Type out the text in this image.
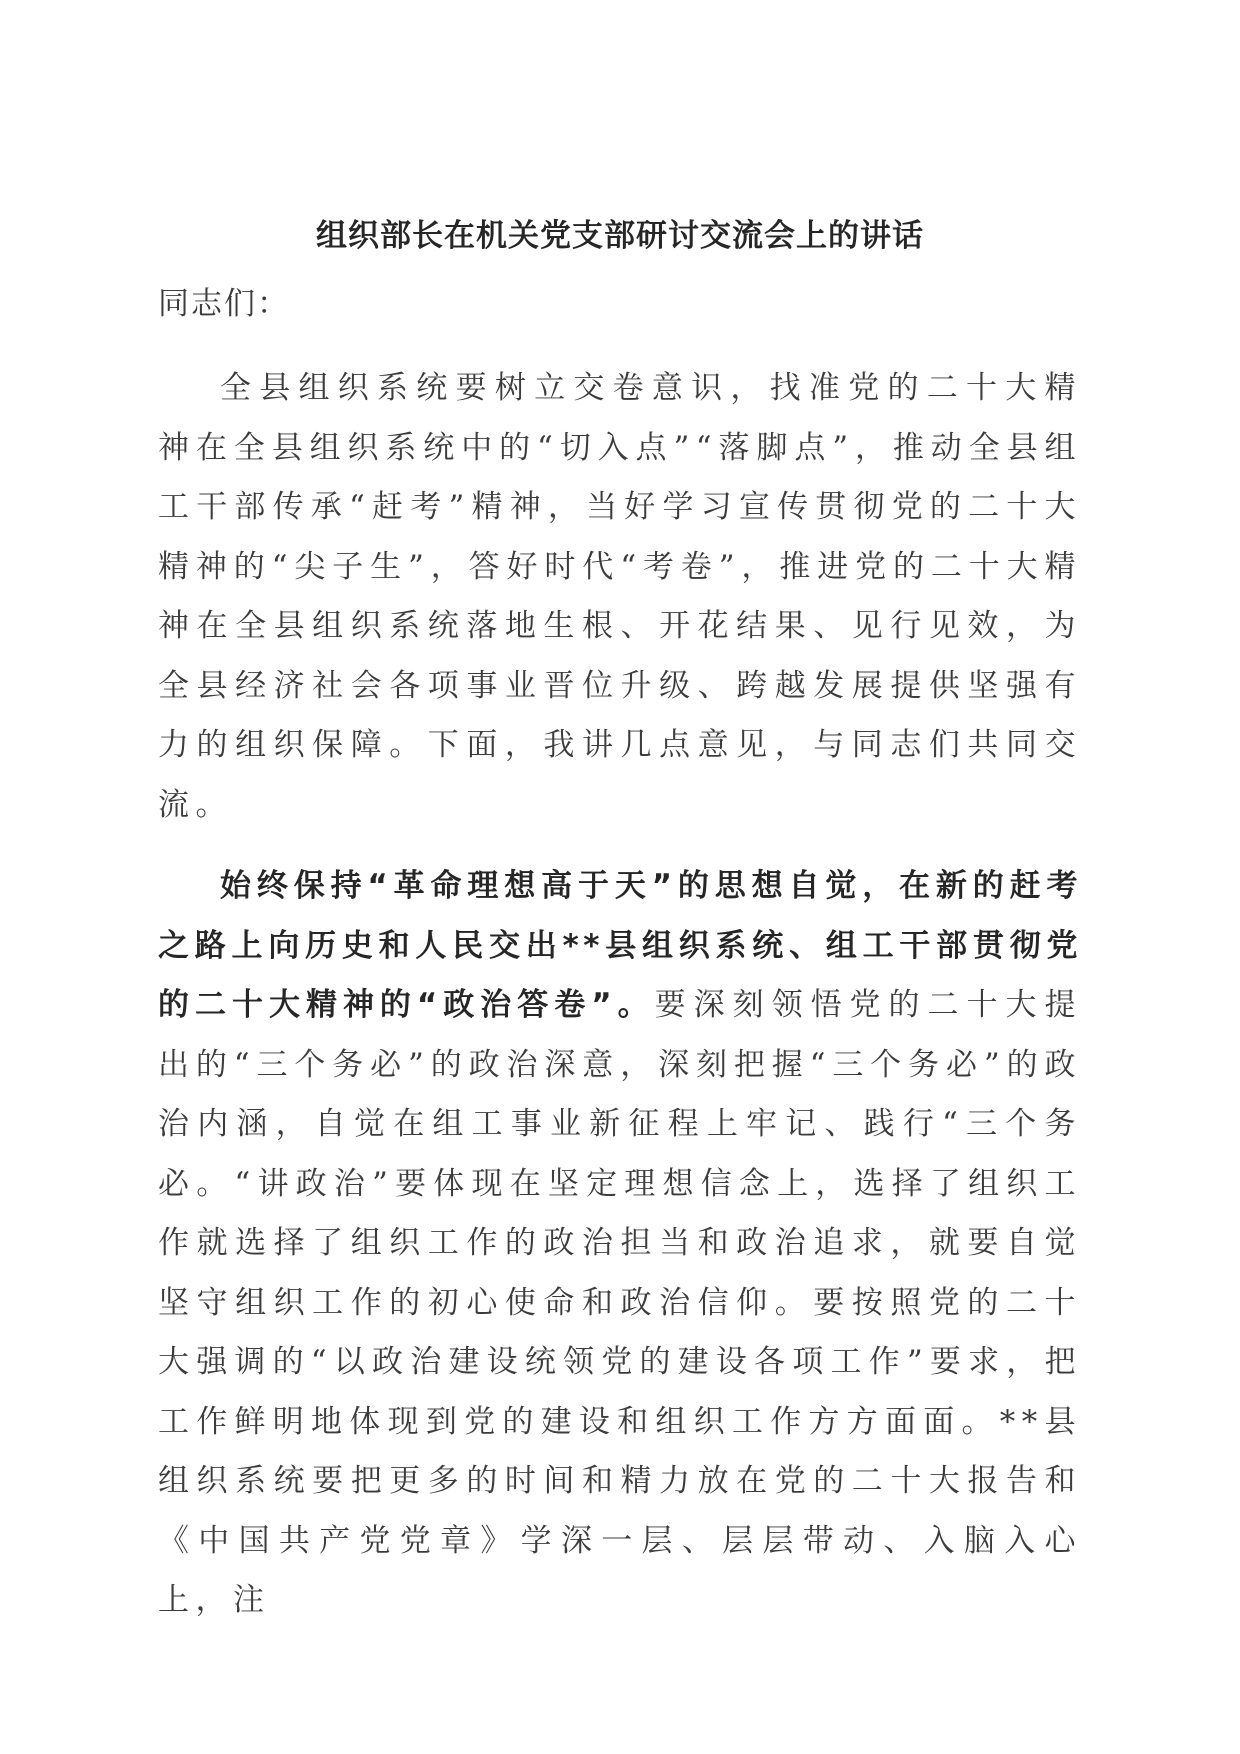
组织部长在机关党支部研讨交流会上的讲话

同志们：

全县组织系统要树立交卷意识，找准党的二十大精神在全县组织系统中的“切入点”“落脚点”，推动全县组工干部传承“赶考”精神，当好学习宣传贯彻党的二十大精神的“尖子生”，答好时代“考卷”，推进党的二十大精神在全县组织系统落地生根、开花结果、见行见效，为全县经济社会各项事业晋位升级、跨越发展提供坚强有力的组织保障。下面，我讲几点意见，与同志们共同交流。

始终保持“革命理想高于天”的思想自觉，在新的赶考之路上向历史和人民交出**县组织系统、组工干部贯彻党的二十大精神的“政治答卷”。要深刻领悟党的二十大提出的“三个务必”的政治深意，深刻把握“三个务必”的政治内涵，自觉在组工事业新征程上牢记、践行“三个务必。“讲政治”要体现在坚定理想信念上，选择了组织工作就选择了组织工作的政治担当和政治追求，就要自觉坚守组织工作的初心使命和政治信仰。要按照党的二十大强调的“以政治建设统领党的建设各项工作”要求，把工作鲜明地体现到党的建设和组织工作方方面面。**县组织系统要把更多的时间和精力放在党的二十大报告和《中国共产党党章》学深一层、层层带动、入脑入心上，注
